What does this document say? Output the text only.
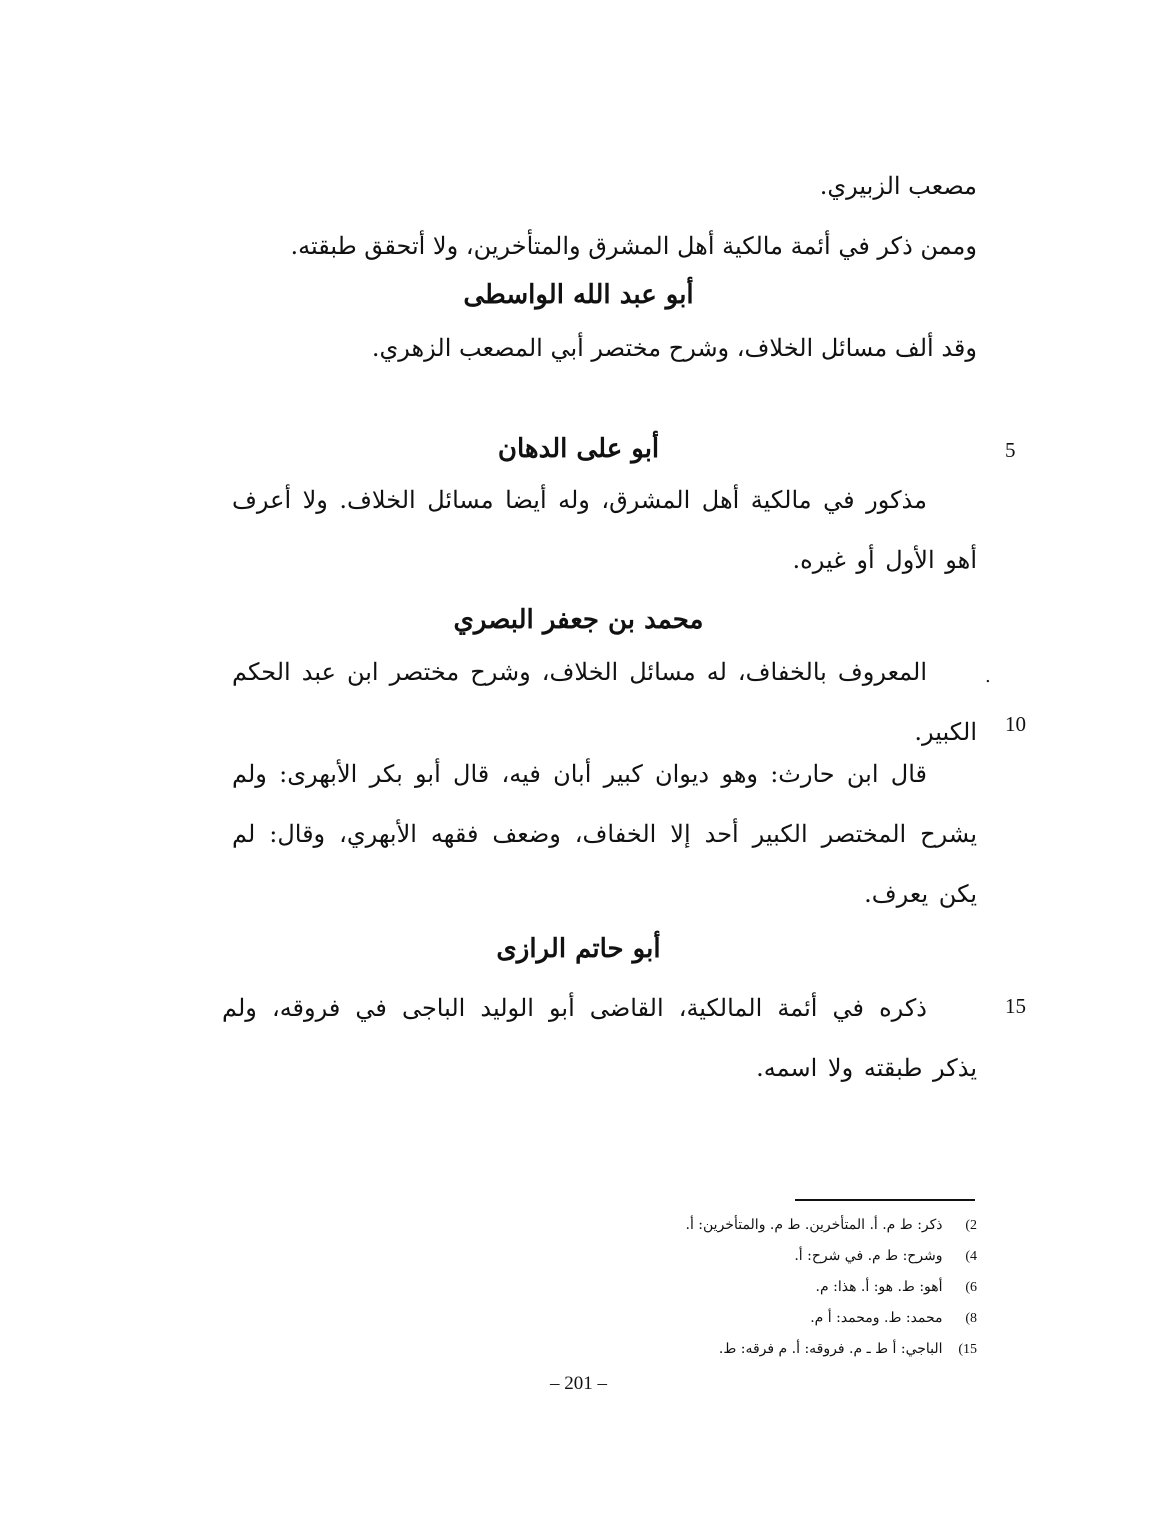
مصعب الزبيري.
وممن ذكر في أئمة مالكية أهل المشرق والمتأخرين، ولا أتحقق طبقته.
أبو عبد الله الواسطى
وقد ألف مسائل الخلاف، وشرح مختصر أبي المصعب الزهري.
5
أبو على الدهان
مذكور في مالكية أهل المشرق، وله أيضا مسائل الخلاف. ولا أعرف أهو الأول أو غيره.
محمد بن جعفر البصري
.
المعروف بالخفاف، له مسائل الخلاف، وشرح مختصر ابن عبد الحكم الكبير. 10
قال ابن حارث: وهو ديوان كبير أبان فيه، قال أبو بكر الأبهرى: ولم يشرح المختصر الكبير أحد إلا الخفاف، وضعف فقهه الأبهري، وقال: لم يكن يعرف.
أبو حاتم الرازى
15
ذكره في أئمة المالكية، القاضى أبو الوليد الباجى في فروقه، ولم يذكر طبقته ولا اسمه.
2) ذكر: ط م. أ. المتأخرين. ط م. والمتأخرين: أ.
4) وشرح: ط م. في شرح: أ.
6) أهو: ط. هو: أ. هذا: م.
8) محمد: ط. ومحمد: أ م.
15) الباجي: أ ط ـ م. فروقه: أ. م فرقه: ط.
– 201 –
